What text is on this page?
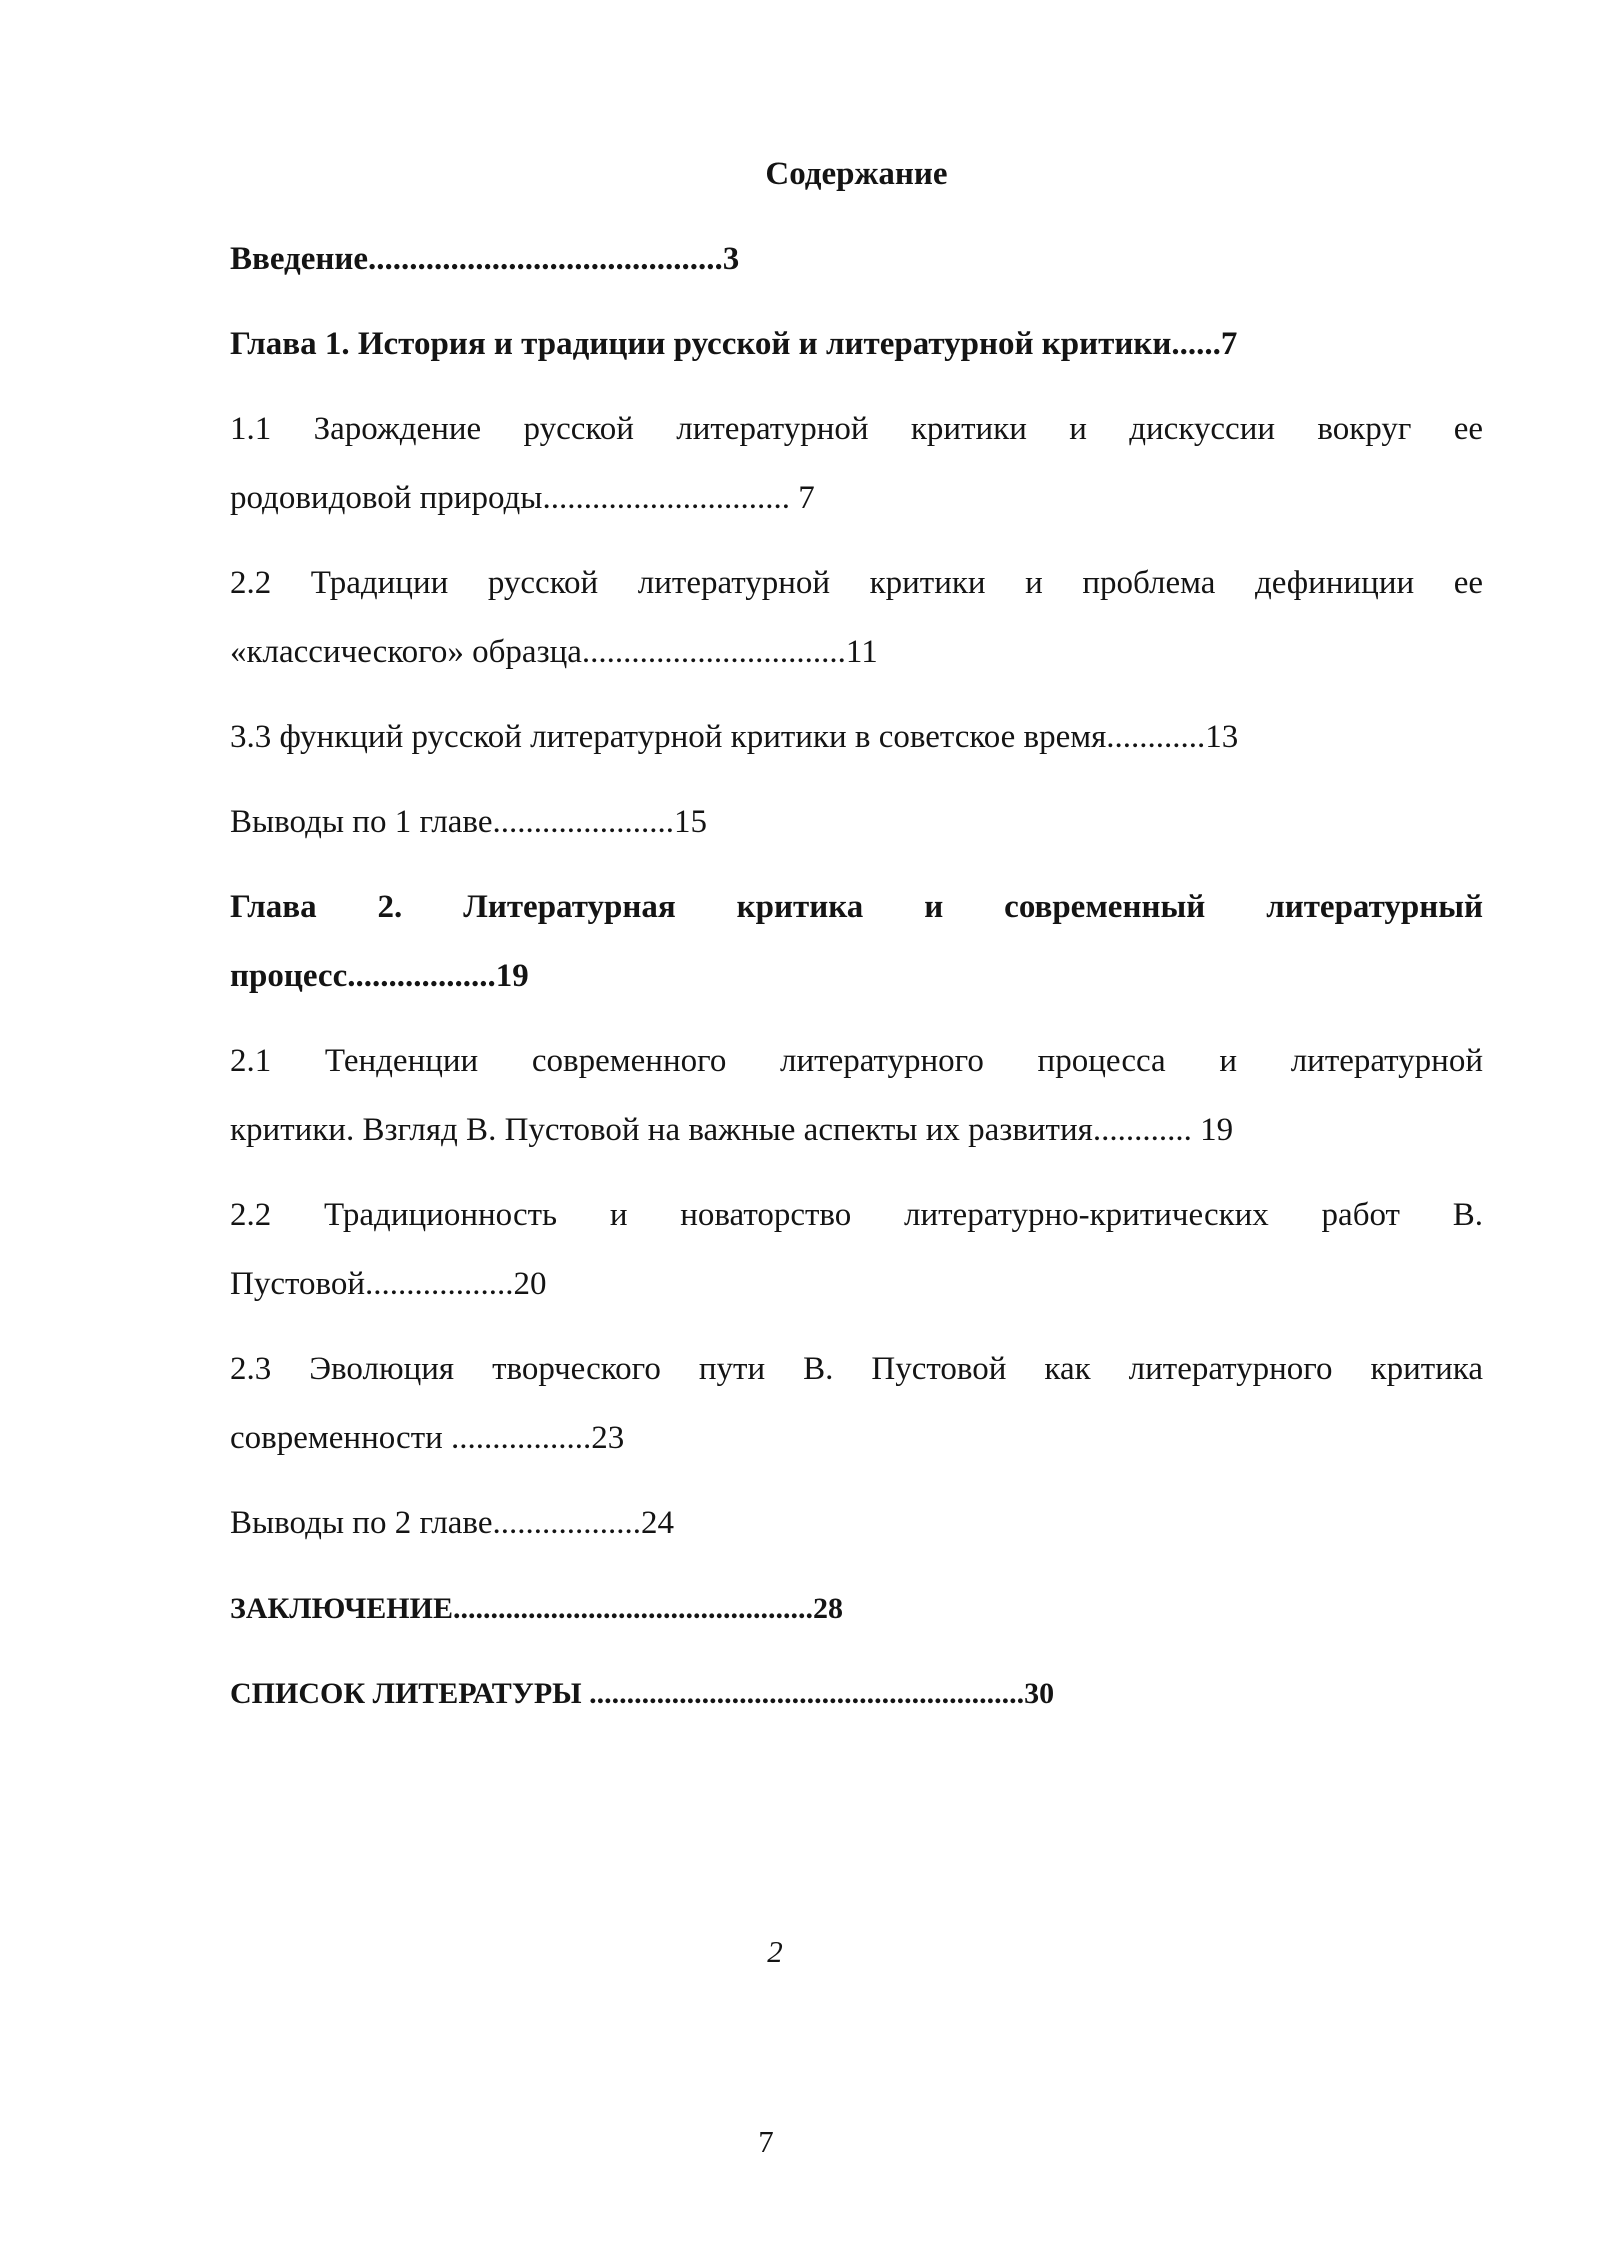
Содержание

Введение...........................................3

Глава 1. История и традиции русской и литературной критики......7

1.1 Зарождение русской литературной критики и дискуссии вокруг ее
родовидовой природы.............................. 7

2.2 Традиции русской литературной критики и проблема дефиниции ее
«классического» образца................................11

3.3 функций русской литературной критики в советское время............13

Выводы по 1 главе......................15

Глава 2. Литературная критика и современный литературный
процесс..................19

2.1 Тенденции современного литературного процесса и литературной
критики. Взгляд В. Пустовой на важные аспекты их развития............ 19

2.2 Традиционность и новаторство литературно-критических работ В.
Пустовой..................20

2.3 Эволюция творческого пути В. Пустовой как литературного критика
современности .................23

Выводы по 2 главе..................24

ЗАКЛЮЧЕНИЕ................................................28

СПИСОК ЛИТЕРАТУРЫ ..........................................................30

2
7
